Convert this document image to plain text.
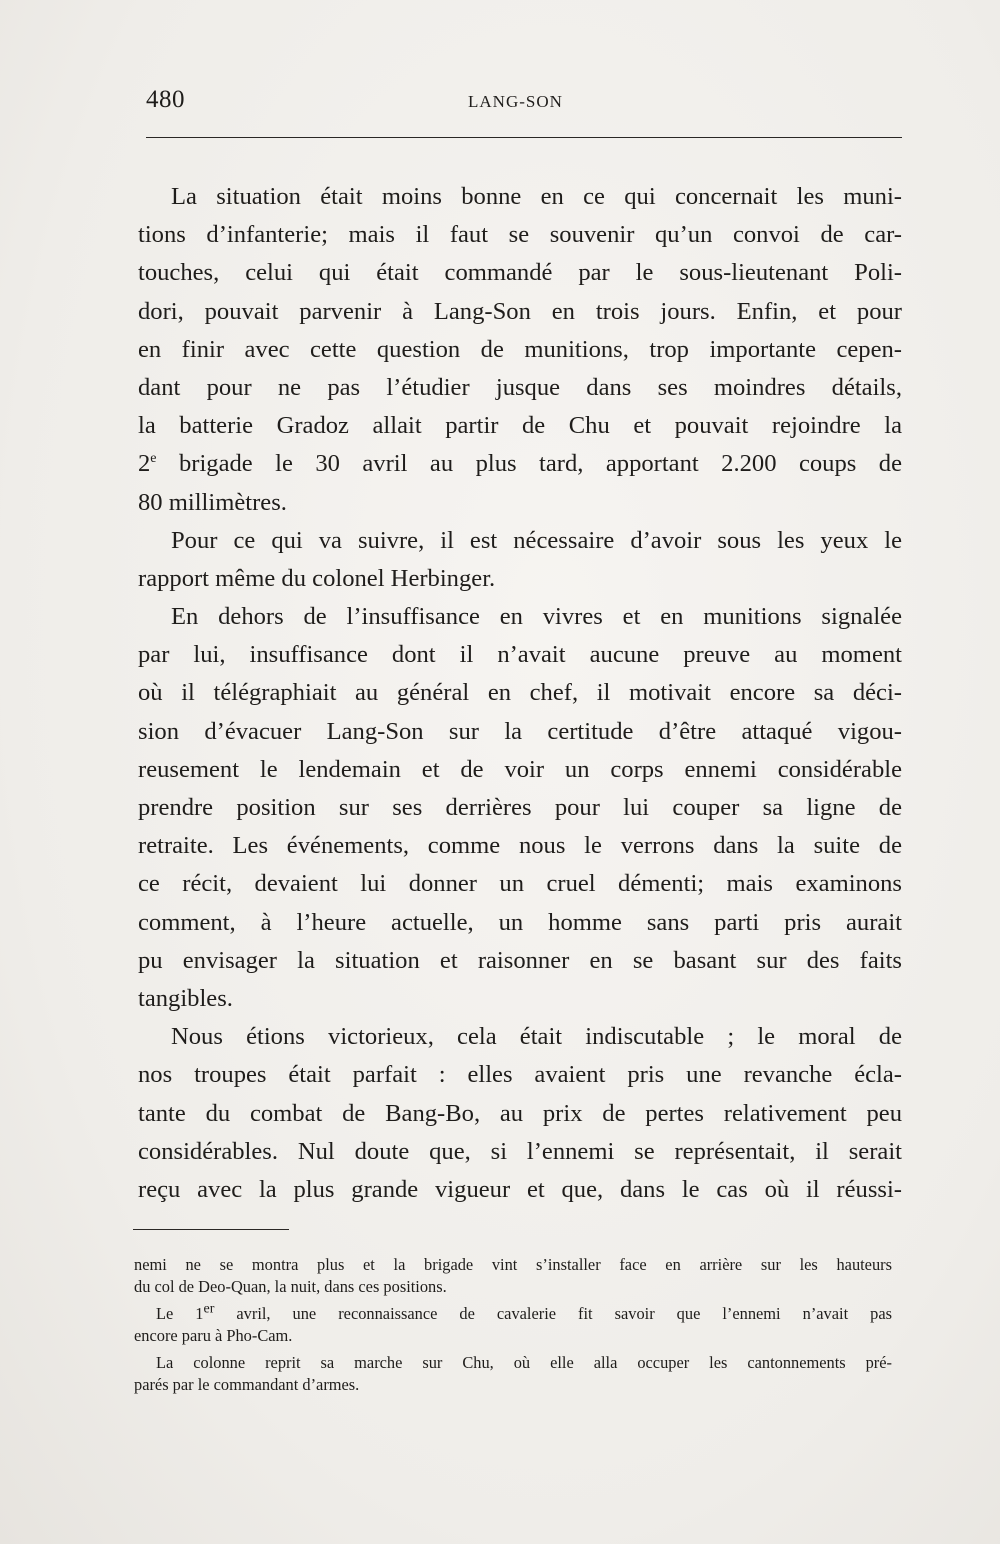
480	LANG-SON
La situation était moins bonne en ce qui concernait les muni-
tions d’infanterie; mais il faut se souvenir qu’un convoi de car-
touches, celui qui était commandé par le sous-lieutenant Poli-
dori, pouvait parvenir à Lang-Son en trois jours. Enfin, et pour
en finir avec cette question de munitions, trop importante cepen-
dant pour ne pas l’étudier jusque dans ses moindres détails,
la batterie Gradoz allait partir de Chu et pouvait rejoindre la
2e brigade le 30 avril au plus tard, apportant 2.200 coups de
80 millimètres.
Pour ce qui va suivre, il est nécessaire d’avoir sous les yeux le
rapport même du colonel Herbinger.
En dehors de l’insuffisance en vivres et en munitions signalée
par lui, insuffisance dont il n’avait aucune preuve au moment
où il télégraphiait au général en chef, il motivait encore sa déci-
sion d’évacuer Lang-Son sur la certitude d’être attaqué vigou-
reusement le lendemain et de voir un corps ennemi considérable
prendre position sur ses derrières pour lui couper sa ligne de
retraite. Les événements, comme nous le verrons dans la suite de
ce récit, devaient lui donner un cruel démenti; mais examinons
comment, à l’heure actuelle, un homme sans parti pris aurait
pu envisager la situation et raisonner en se basant sur des faits
tangibles.
Nous étions victorieux, cela était indiscutable ; le moral de
nos troupes était parfait : elles avaient pris une revanche écla-
tante du combat de Bang-Bo, au prix de pertes relativement peu
considérables. Nul doute que, si l’ennemi se représentait, il serait
reçu avec la plus grande vigueur et que, dans le cas où il réussi-
nemi ne se montra plus et la brigade vint s’installer face en arrière sur les hauteurs
du col de Deo-Quan, la nuit, dans ces positions.
Le 1er avril, une reconnaissance de cavalerie fit savoir que l’ennemi n’avait pas
encore paru à Pho-Cam.
La colonne reprit sa marche sur Chu, où elle alla occuper les cantonnements pré-
parés par le commandant d’armes.
